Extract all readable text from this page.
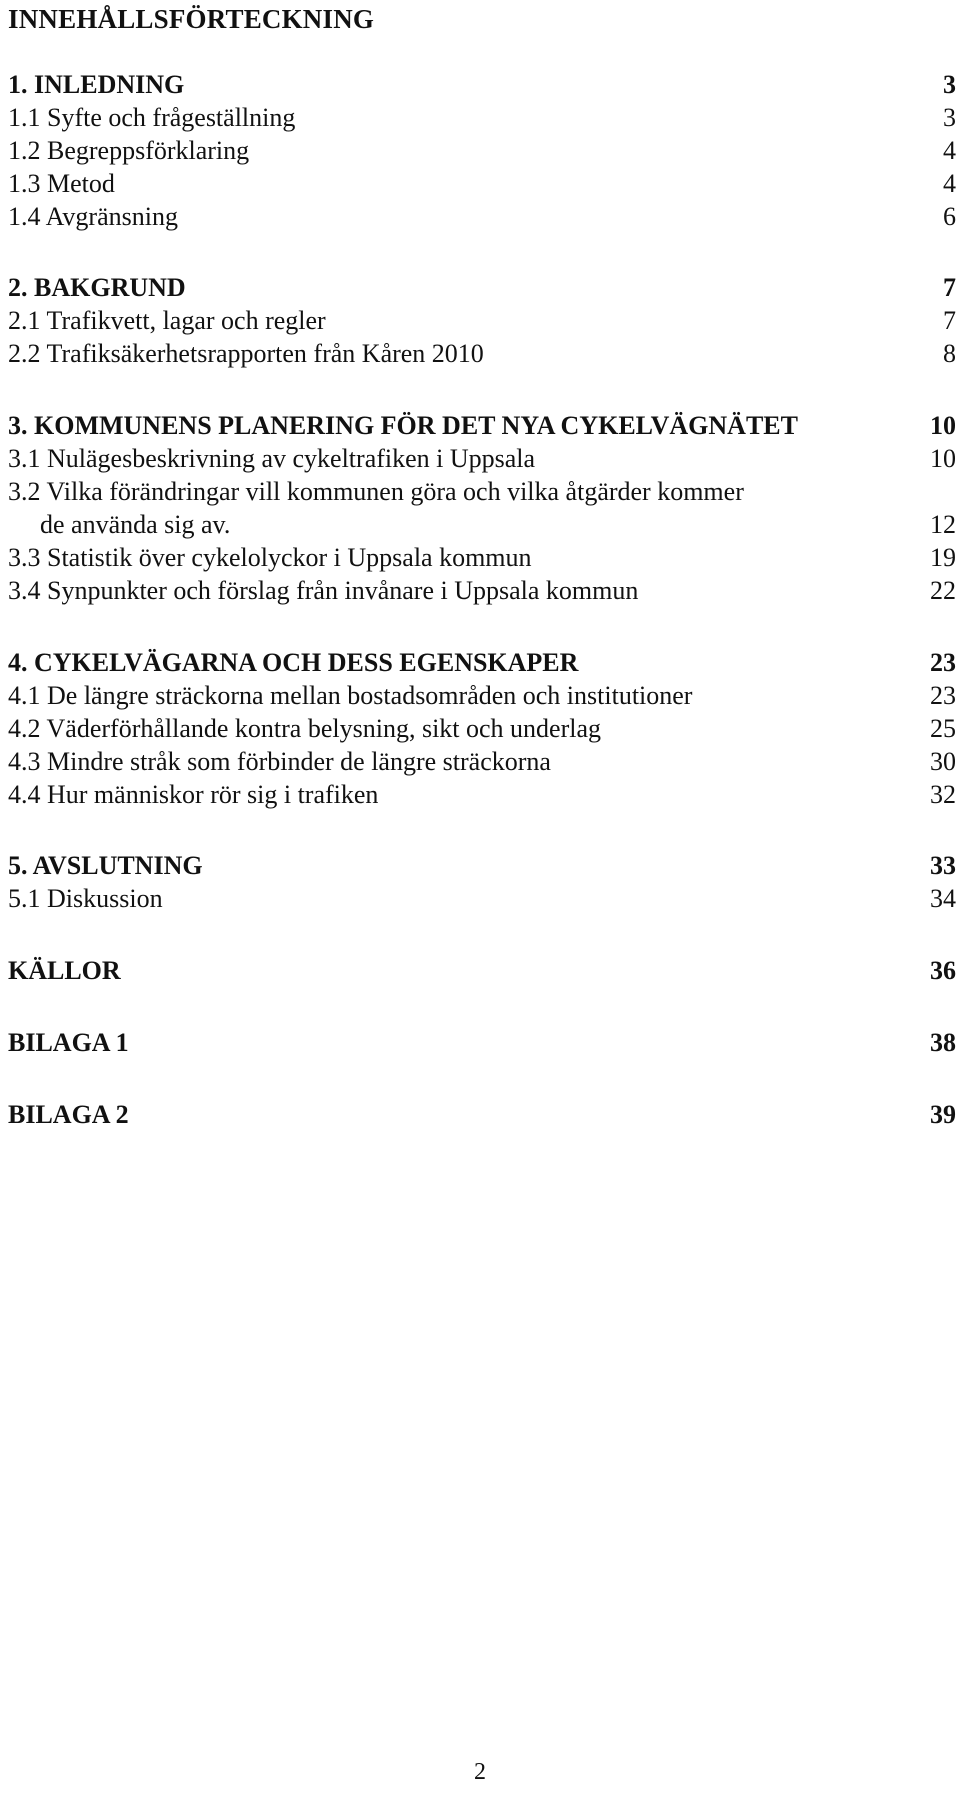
INNEHÅLLSFÖRTECKNING
1. INLEDNING	3
1.1 Syfte och frågeställning	3
1.2 Begreppsförklaring	4
1.3 Metod	4
1.4 Avgränsning	6
2. BAKGRUND	7
2.1 Trafikvett, lagar och regler	7
2.2 Trafiksäkerhetsrapporten från Kåren 2010	8
3. KOMMUNENS PLANERING FÖR DET NYA CYKELVÄGNÄTET	10
3.1 Nulägesbeskrivning av cykeltrafiken i Uppsala	10
3.2 Vilka förändringar vill kommunen göra och vilka åtgärder kommer
de använda sig av.	12
3.3 Statistik över cykelolyckor i Uppsala kommun	19
3.4 Synpunkter och förslag från invånare i Uppsala kommun	22
4. CYKELVÄGARNA OCH DESS EGENSKAPER	23
4.1 De längre sträckorna mellan bostadsområden och institutioner	23
4.2 Väderförhållande kontra belysning, sikt och underlag	25
4.3 Mindre stråk som förbinder de längre sträckorna	30
4.4 Hur människor rör sig i trafiken	32
5. AVSLUTNING	33
5.1 Diskussion	34
KÄLLOR	36
BILAGA 1	38
BILAGA 2	39
2
